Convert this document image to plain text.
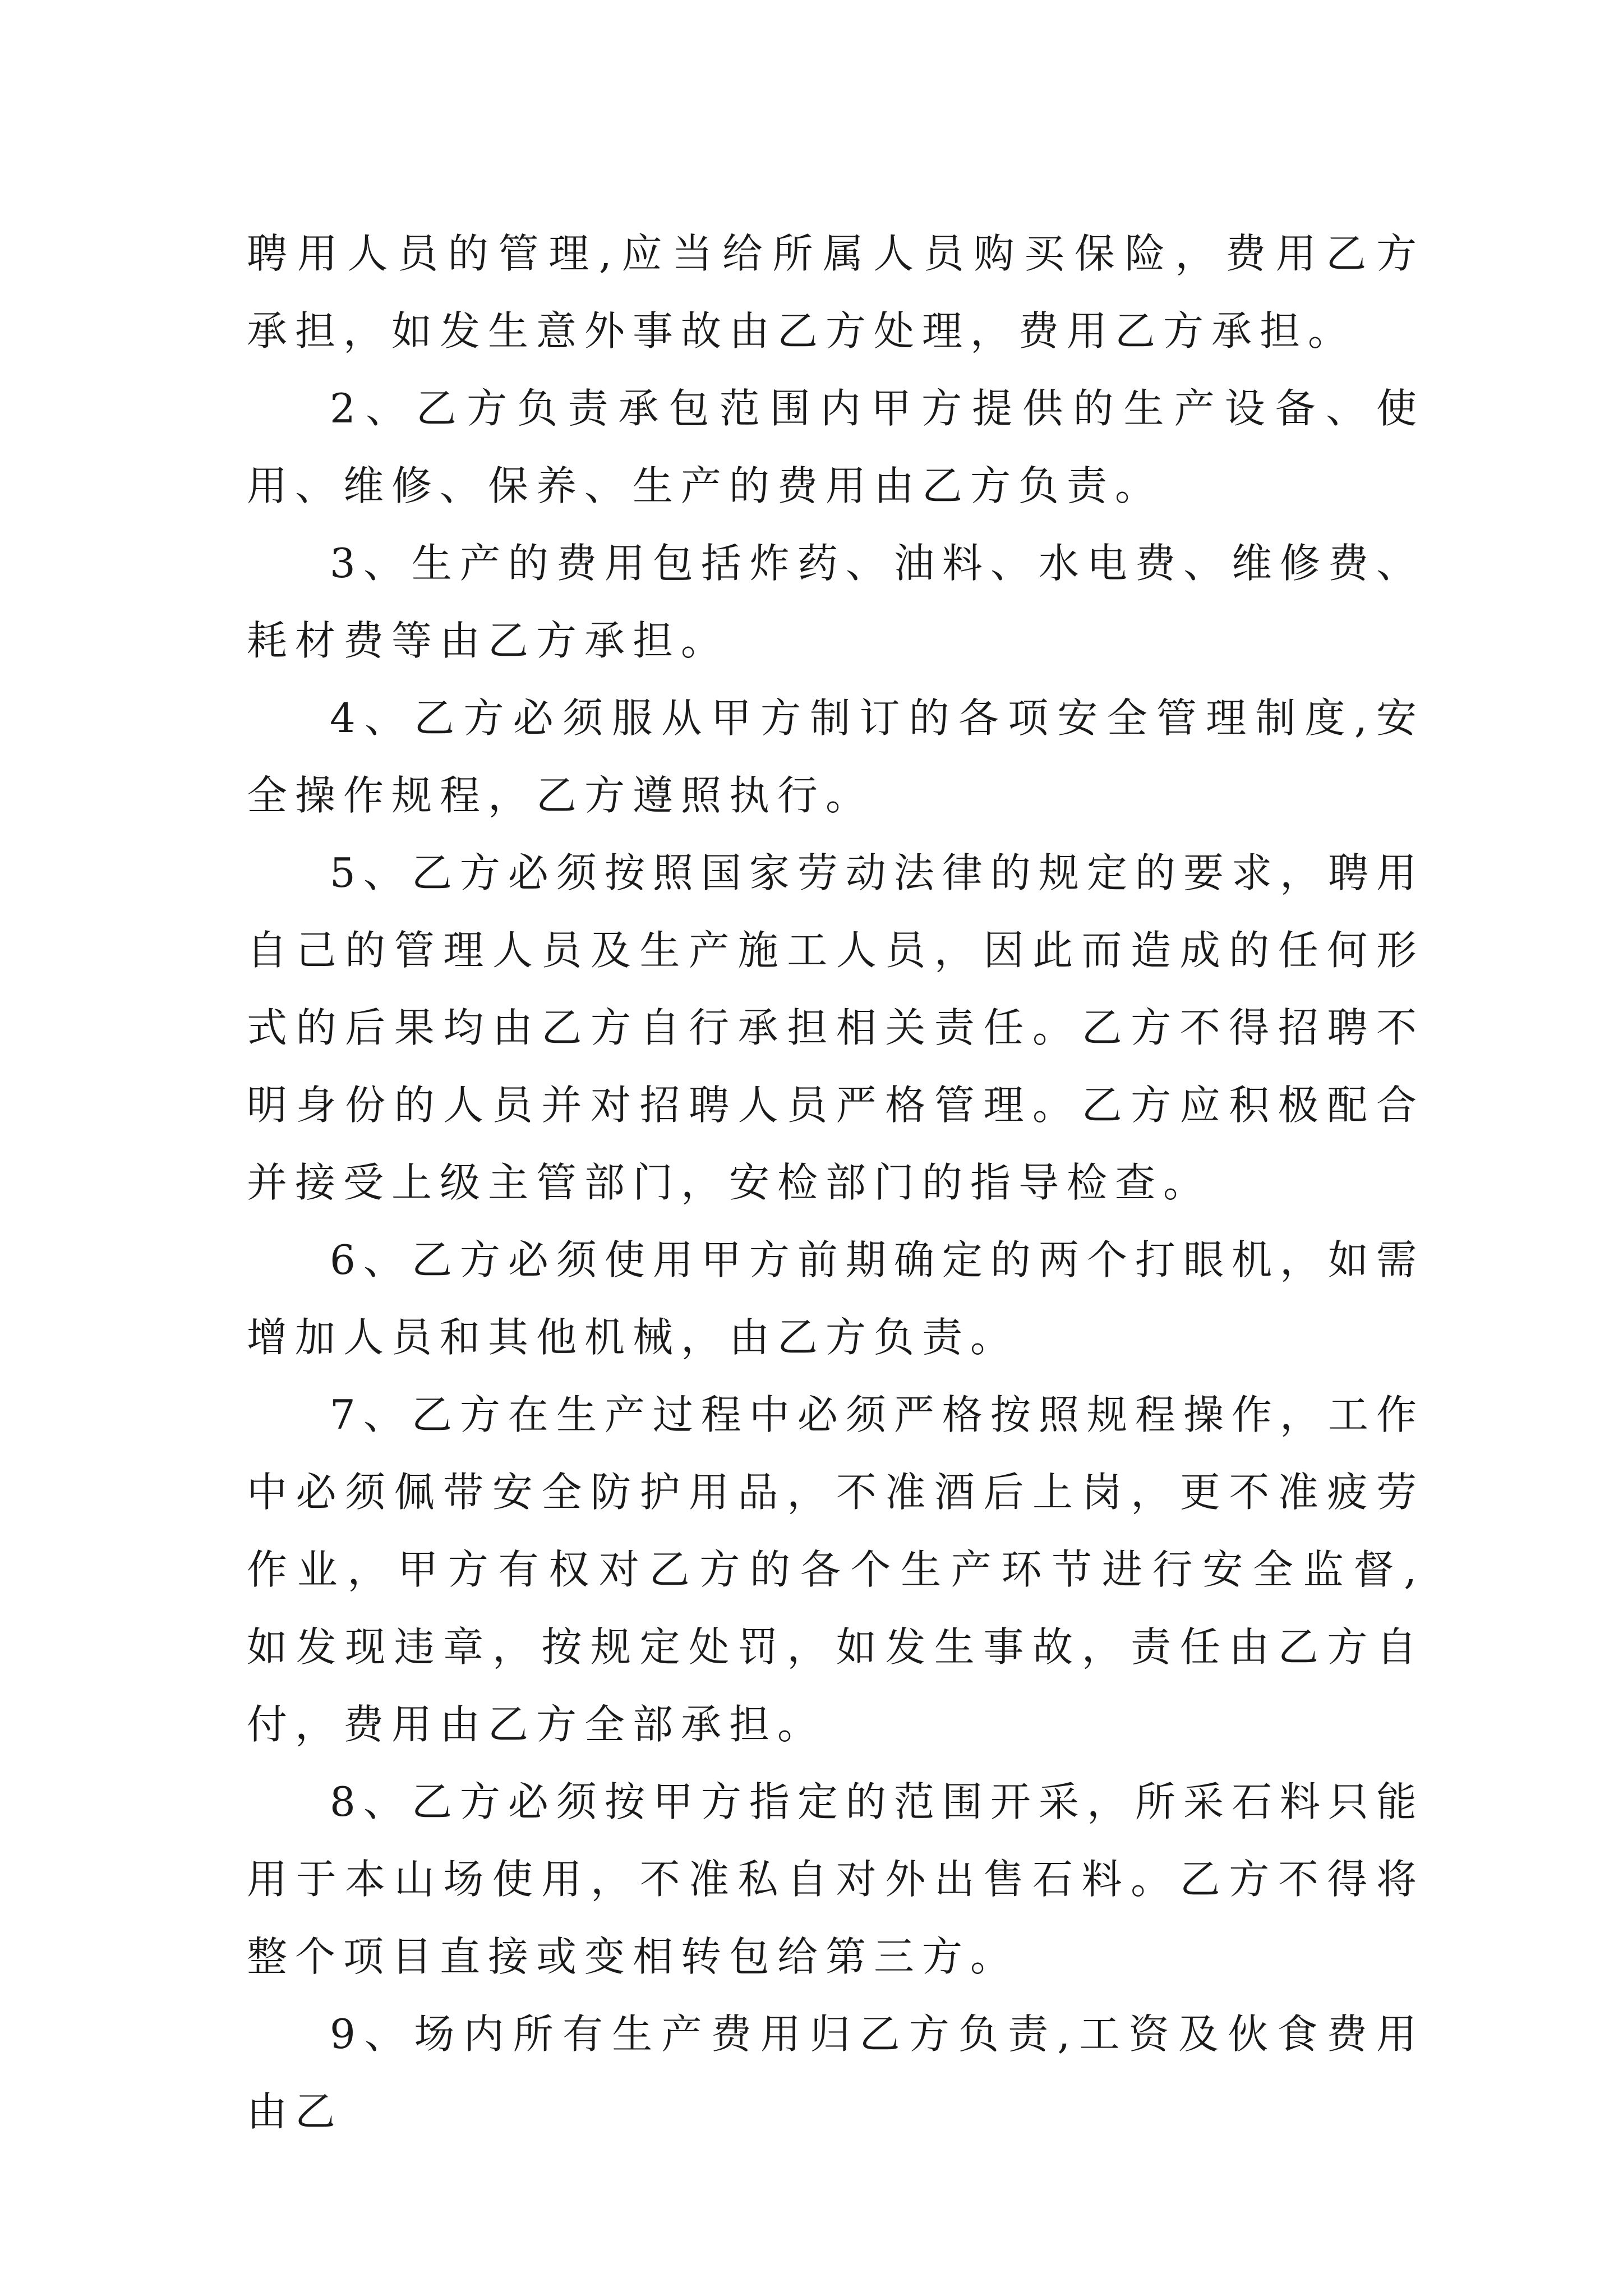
聘用人员的管理,应当给所属人员购买保险，费用乙方承担，如发生意外事故由乙方处理，费用乙方承担。

2、乙方负责承包范围内甲方提供的生产设备、使用、维修、保养、生产的费用由乙方负责。

3、生产的费用包括炸药、油料、水电费、维修费、耗材费等由乙方承担。

4、乙方必须服从甲方制订的各项安全管理制度,安全操作规程，乙方遵照执行。

5、乙方必须按照国家劳动法律的规定的要求，聘用自己的管理人员及生产施工人员，因此而造成的任何形式的后果均由乙方自行承担相关责任。乙方不得招聘不明身份的人员并对招聘人员严格管理。乙方应积极配合并接受上级主管部门，安检部门的指导检查。

6、乙方必须使用甲方前期确定的两个打眼机，如需增加人员和其他机械，由乙方负责。

7、乙方在生产过程中必须严格按照规程操作，工作中必须佩带安全防护用品，不准酒后上岗，更不准疲劳作业，甲方有权对乙方的各个生产环节进行安全监督,如发现违章，按规定处罚，如发生事故，责任由乙方自付，费用由乙方全部承担。

8、乙方必须按甲方指定的范围开采，所采石料只能用于本山场使用，不准私自对外出售石料。乙方不得将整个项目直接或变相转包给第三方。

9、场内所有生产费用归乙方负责,工资及伙食费用由乙
